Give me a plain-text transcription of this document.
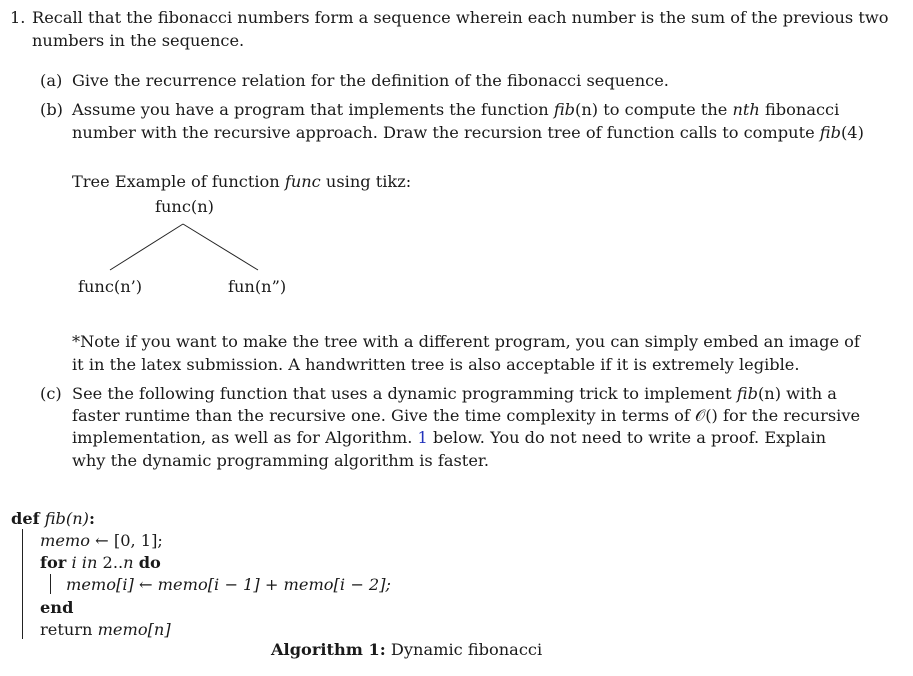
1. Recall that the fibonacci numbers form a sequence wherein each number is the sum of the previous two
numbers in the sequence.
(a) Give the recurrence relation for the definition of the fibonacci sequence.
(b) Assume you have a program that implements the function fib(n) to compute the nth fibonacci
number with the recursive approach. Draw the recursion tree of function calls to compute fib(4)
Tree Example of function func using tikz:
func(n)
func(n’)	fun(n”)
*Note if you want to make the tree with a different program, you can simply embed an image of
it in the latex submission. A handwritten tree is also acceptable if it is extremely legible.
(c) See the following function that uses a dynamic programming trick to implement fib(n) with a
faster runtime than the recursive one. Give the time complexity in terms of 𝒪() for the recursive
implementation, as well as for Algorithm. 1 below. You do not need to write a proof. Explain
why the dynamic programming algorithm is faster.
def fib(n):
memo ← [0, 1];
for i in 2..n do
memo[i] ← memo[i − 1] + memo[i − 2];
end
return memo[n]
Algorithm 1: Dynamic fibonacci
